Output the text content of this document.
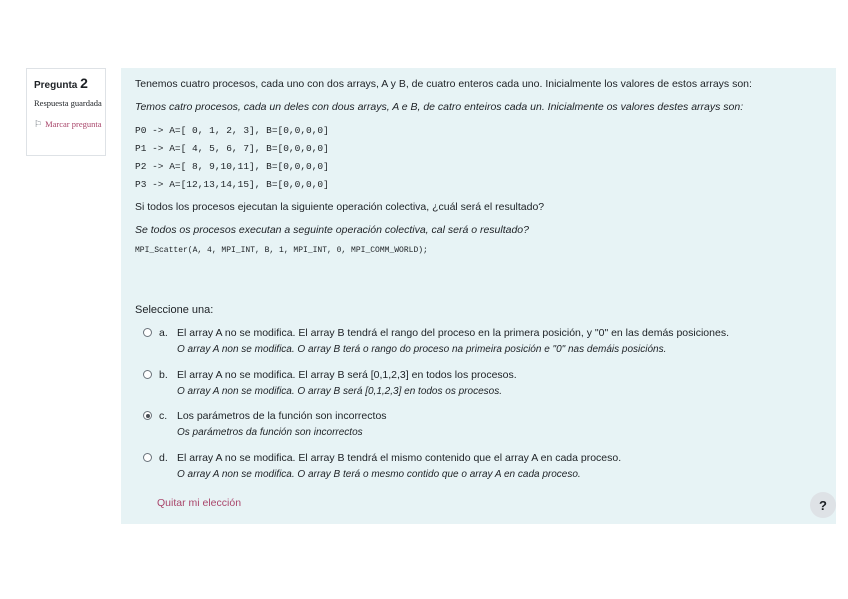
Pregunta 2
Respuesta guardada
⚐ Marcar pregunta
Tenemos cuatro procesos, cada uno con dos arrays, A y B, de cuatro enteros cada uno. Inicialmente los valores de estos arrays son:
Temos catro procesos, cada un deles con dous arrays, A e B, de catro enteiros cada un. Inicialmente os valores destes arrays son:
P0 -> A=[ 0, 1, 2, 3], B=[0,0,0,0]
P1 -> A=[ 4, 5, 6, 7], B=[0,0,0,0]
P2 -> A=[ 8, 9,10,11], B=[0,0,0,0]
P3 -> A=[12,13,14,15], B=[0,0,0,0]
Si todos los procesos ejecutan la siguiente operación colectiva, ¿cuál será el resultado?
Se todos os procesos executan a seguinte operación colectiva, cal será o resultado?
MPI_Scatter(A, 4, MPI_INT, B, 1, MPI_INT, 0, MPI_COMM_WORLD);
Seleccione una:
a. El array A no se modifica. El array B tendrá el rango del proceso en la primera posición, y "0" en las demás posiciones.
O array A non se modifica. O array B terá o rango do proceso na primeira posición e "0" nas demáis posicións.
b. El array A no se modifica. El array B será [0,1,2,3] en todos los procesos.
O array A non se modifica. O array B será [0,1,2,3] en todos os procesos.
c. Los parámetros de la función son incorrectos
Os parámetros da función son incorrectos
d. El array A no se modifica. El array B tendrá el mismo contenido que el array A en cada proceso.
O array A non se modifica. O array B terá o mesmo contido que o array A en cada proceso.
Quitar mi elección	?
